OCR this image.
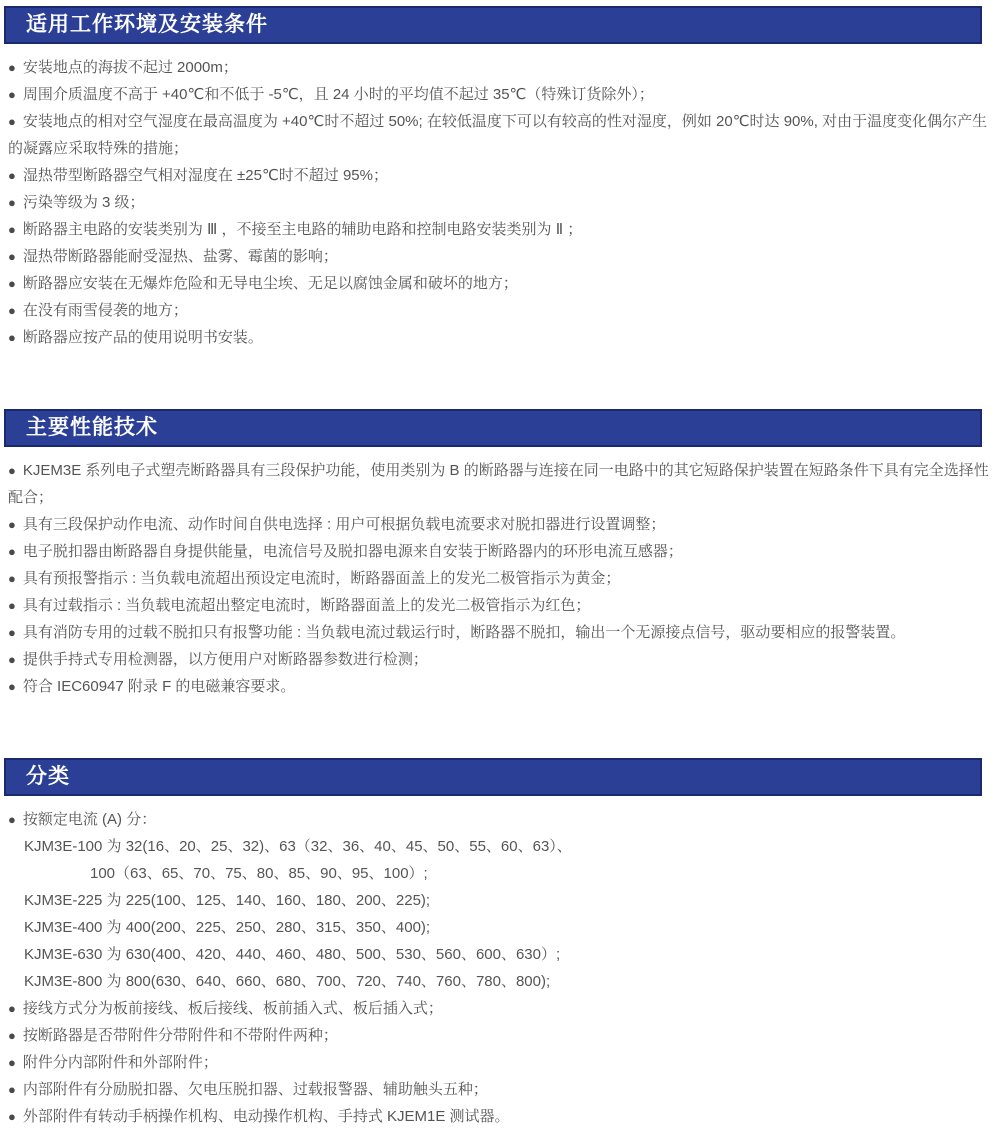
适用工作环境及安装条件
● 安装地点的海拔不起过 2000m；
● 周围介质温度不高于 +40℃和不低于 -5℃，且 24 小时的平均值不起过 35℃（特殊订货除外）；
● 安装地点的相对空气湿度在最高温度为 +40℃时不超过 50%; 在较低温度下可以有较高的性对湿度，例如 20℃时达 90%, 对由于温度变化偶尔产生的凝露应采取特殊的措施；
● 湿热带型断路器空气相对湿度在 ±25℃时不超过 95%；
● 污染等级为 3 级；
● 断路器主电路的安装类别为 Ⅲ ，不接至主电路的辅助电路和控制电路安装类别为 Ⅱ ；
● 湿热带断路器能耐受湿热、盐雾、霉菌的影响；
● 断路器应安装在无爆炸危险和无导电尘埃、无足以腐蚀金属和破坏的地方；
● 在没有雨雪侵袭的地方；
● 断路器应按产品的使用说明书安装。
主要性能技术
● KJEM3E 系列电子式塑壳断路器具有三段保护功能，使用类别为 B 的断路器与连接在同一电路中的其它短路保护装置在短路条件下具有完全选择性配合；
● 具有三段保护动作电流、动作时间自供电选择 : 用户可根据负载电流要求对脱扣器进行设置调整；
● 电子脱扣器由断路器自身提供能量，电流信号及脱扣器电源来自安装于断路器内的环形电流互感器；
● 具有预报警指示 : 当负载电流超出预设定电流时，断路器面盖上的发光二极管指示为黄金；
● 具有过载指示 : 当负载电流超出整定电流时，断路器面盖上的发光二极管指示为红色；
● 具有消防专用的过载不脱扣只有报警功能 : 当负载电流过载运行时，断路器不脱扣，输出一个无源接点信号，驱动要相应的报警装置。
● 提供手持式专用检测器，以方便用户对断路器参数进行检测；
● 符合 IEC60947 附录 F 的电磁兼容要求。
分类
● 按额定电流 (A) 分：
KJM3E-100 为 32(16、20、25、32)、63（32、36、40、45、50、55、60、63）、
100（63、65、70、75、80、85、90、95、100）;
KJM3E-225 为 225(100、125、140、160、180、200、225);
KJM3E-400 为 400(200、225、250、280、315、350、400);
KJM3E-630 为 630(400、420、440、460、480、500、530、560、600、630）;
KJM3E-800 为 800(630、640、660、680、700、720、740、760、780、800);
● 接线方式分为板前接线、板后接线、板前插入式、板后插入式；
● 按断路器是否带附件分带附件和不带附件两种；
● 附件分内部附件和外部附件；
● 内部附件有分励脱扣器、欠电压脱扣器、过载报警器、辅助触头五种；
● 外部附件有转动手柄操作机构、电动操作机构、手持式 KJEM1E 测试器。
